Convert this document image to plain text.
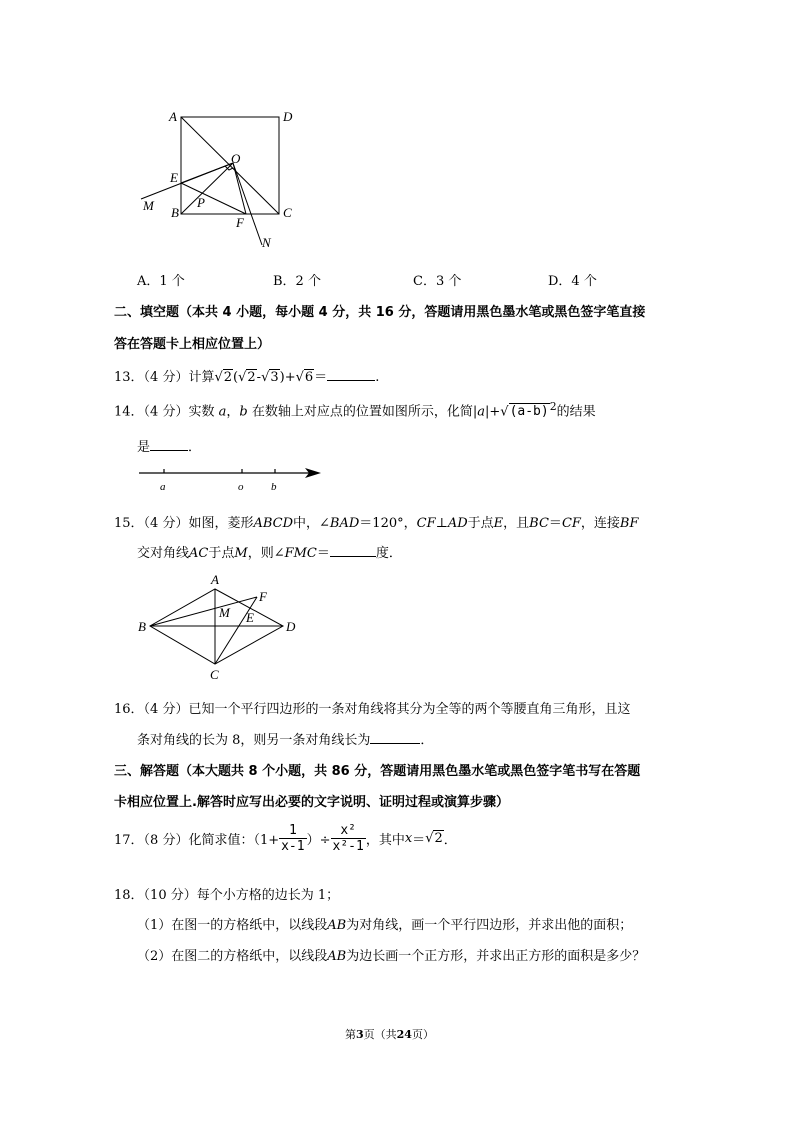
A	D
O
E
M B
P
F
C
N
A．1 个	B．2 个	C．3 个	D．4 个
二、填空题（本共 4 小题，每小题 4 分，共 16 分，答题请用黑色墨水笔或黑色签字笔直接
答在答题卡上相应位置上）
13．（4 分）计算√2(√2-√3)+√6＝	.
14．（4 分）实数 a，b 在数轴上对应点的位置如图所示，化简$|a|+√(a-b)^2$的结果
是	．
a	o	b
15．（4 分）如图，菱形ABCD中，∠BAD＝120°，CF⊥AD于点E，且BC＝CF，连接BF
交对角线AC于点M，则∠FMC＝	度．
A
F
M E
B	D
C
16．（4 分）已知一个平行四边形的一条对角线将其分为全等的两个等腰直角三角形，且这
条对角线的长为 8，则另一条对角线长为	．
三、解答题（本大题共 8 个小题，共 86 分，答题请用黑色墨水笔或黑色签字笔书写在答题
卡相应位置上.解答时应写出必要的文字说明、证明过程或演算步骤）
17．（8 分）化简求值：（$1+ \frac{1}{x-1}$ ）÷ $\frac{\text{x²}}{\text{x²-1}}$ ，其中x＝√2．
18．（10 分）每个小方格的边长为 1；
（1）在图一的方格纸中，以线段AB为对角线，画一个平行四边形，并求出他的面积；
（2）在图二的方格纸中，以线段AB为边长画一个正方形，并求出正方形的面积是多少？
第3页（共24页）
